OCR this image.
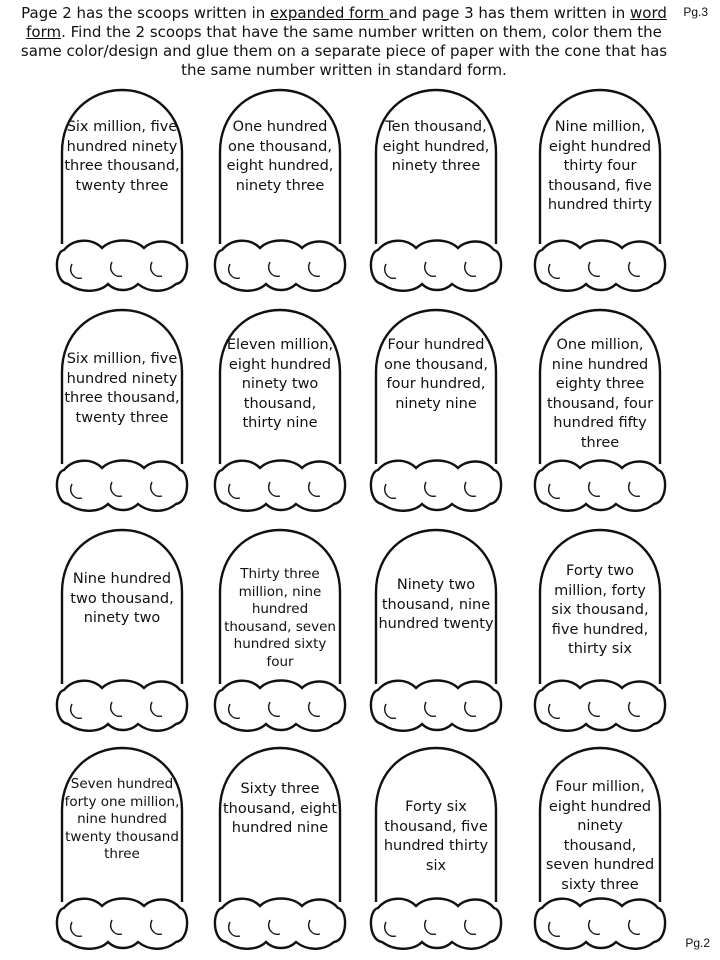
Pg.3
Page 2 has the scoops written in expanded form and page 3 has them written in word form. Find the 2 scoops that have the same number written on them, color them the same color/design and glue them on a separate piece of paper with the cone that has the same number written in standard form.
Six million, five hundred ninety three thousand, twenty three
One hundred one thousand, eight hundred, ninety three
Ten thousand, eight hundred, ninety three
Nine million, eight hundred thirty four thousand, five hundred thirty
Six million, five hundred ninety three thousand, twenty three
Eleven million, eight hundred ninety two thousand, thirty nine
Four hundred one thousand, four hundred, ninety nine
One million, nine hundred eighty three thousand, four hundred fifty three
Nine hundred two thousand, ninety two
Thirty three million, nine hundred thousand, seven hundred sixty four
Ninety two thousand, nine hundred twenty
Forty two million, forty six thousand, five hundred, thirty six
Seven hundred forty one million, nine hundred twenty thousand three
Sixty three thousand, eight hundred nine
Forty six thousand, five hundred thirty six
Four million, eight hundred ninety thousand, seven hundred sixty three
Pg.2
